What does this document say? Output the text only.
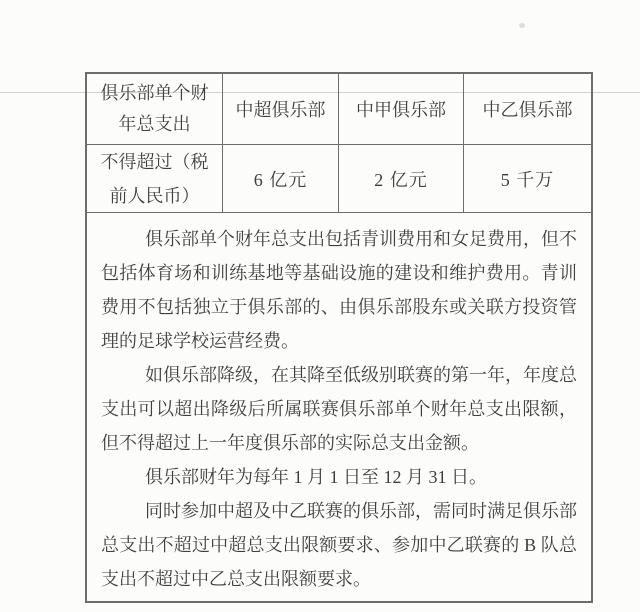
俱乐部单个财年总支出
中超俱乐部 中甲俱乐部 中乙俱乐部
不得超过（税前人民币）
6 亿元	2 亿元	5 千万
俱乐部单个财年总支出包括青训费用和女足费用，但不
包括体育场和训练基地等基础设施的建设和维护费用。青训
费用不包括独立于俱乐部的、由俱乐部股东或关联方投资管
理的足球学校运营经费。
如俱乐部降级，在其降至低级别联赛的第一年，年度总
支出可以超出降级后所属联赛俱乐部单个财年总支出限额，
但不得超过上一年度俱乐部的实际总支出金额。
俱乐部财年为每年 1 月 1 日至 12 月 31 日。
同时参加中超及中乙联赛的俱乐部，需同时满足俱乐部
总支出不超过中超总支出限额要求、参加中乙联赛的 B 队总
支出不超过中乙总支出限额要求。
